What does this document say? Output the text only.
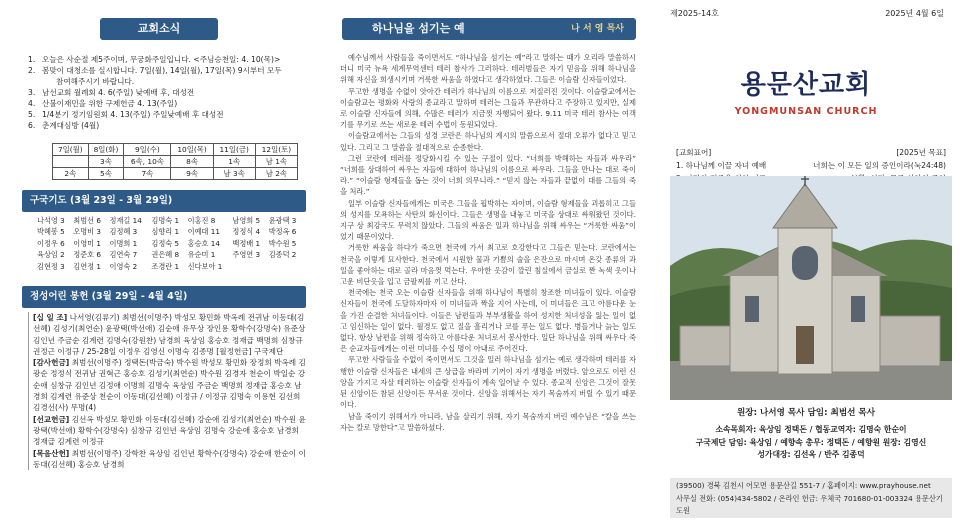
교회소식
1. 오늘은 사순절 제5주이며, 무궁화주일입니다. <주님승천일: 4. 10(목)>
2. 봄맞이 대청소를 실시합니다. 7일(월), 14일(월), 17일(목) 9시부터 모두
참여해주시기 바랍니다.
3. 남선교회 월례회 4. 6(주일) 낮예배 후, 대성전
4. 산불이재민을 위한 구제헌금 4. 13(주일)
5. 1/4분기 정기임원회 4. 13(주일) 주일낮예배 후 대성전
6. 춘계대심방 (4월)
7일(월)	8일(화)	9일(수)	10일(목)	11일(금)	12일(토)
	3속	6속, 10속	8속	1속	남 1속
2속	5속	7속	9속	남 3속	남 2속
구국기도 (3월 23일 - 3월 29일)
나석영 3	최범선 6	정재길 14	김명숙 1	이홍진 8	남영희 5	윤광택 3
박혜봉 5	오명비 3	김정혜 3	심향리 1	이예대 11	정정식 4	박정옥 6
이정우 6	이영미 1	이명희 1	김정숙 5	홍승호 14	백정배 1	박수원 5
육상임 2	정준호 6	김연숙 7	권은혜 8	유순미 1	주영연 3	김종덕 2
김현정 3	김연정 1	이영숙 2	조경란 1	신다보아 1		
정성어린 봉헌 (3월 29일 - 4월 4일)
[십 일 조] 나서영(김류기) 최범선(이명주) 박성모 황민화 박옥례 전귀남 이동대(김선혜) 김성기(최연순) 윤광택(박선애) 김순애 유무상 장인용 황학수(강명숙) 유준상 김인년 주금순 김계련 김명숙(강원찬) 남경희 육상임 홍승호 정재급 백명희 심창규 권정근 이정규 / 25-28일 이정우 김영신 이명숙 김종명 [월정헌금] 구국제단
[감사헌금] 최범선(이명주) 정택돈(박금숙) 박수원 박성모 황민화 장정희 박옥례 김광순 정정식 전귀남 권혁근 홍승호 김성기(최연순) 박수원 김경자 천순이 박일순 강순애 심창규 김인년 김정애 이명희 김명숙 육상임 주금순 백명희 정재급 홍승호 남경희 김계련 유준상 천순이 이동대(김선혜) 이정규 / 이정규 김명숙 이용현 김선희 김경선(사) 무명(4)
[선교헌금] 김선옥 박성모 황민화 이동대(김선혜) 강순애 김성기(최연순) 박수원 윤광택(박선애) 황학수(강명숙) 심창규 김인년 육상임 김명숙 강순애 홍승호 남경희 정재급 김계련 이정규
[목음산헌] 최범선(이명주) 강학찬 육상임 김인년 황학수(강명숙) 강순애 한순이 이동대(김선혜) 홍승호 남경희
하나님을 섬기는 예	나 서 영 목사

예수님께서 사람들을 죽이면서도 “하나님을 섬기는 예”라고 말하는 때가 오리라 말씀하시더니 미국 뉴욕 세계무역센터 테러 참사가 그러하다. 테러범들은 자기 믿음을 위해 하나님을 위해 자신을 희생시키며 거룩한 싸움을 하였다고 생각하였다. 그들은 이슬람 신자들이었다.

무고한 생명을 수없이 앗아간 테러가 하나님의 이름으로 저질러진 것이다. 이슬람교에서는 이슬람교는 평화와 사랑의 종교라고 말하며 테러는 그들과 무관하다고 주장하고 있지만, 실제로 이슬람 신자들에 의해, 수많은 테러가 지금껏 자행되어 왔다. 9.11 미국 테러 참사는 여객기를 무기로 쓰는 새로운 테러 수법이 동원되었다.

이슬람교에서는 그들의 성경 코란은 하나님의 계시의 말씀으로서 절대 오류가 없다고 믿고 있다. 그리고 그 말씀을 절대적으로 순종한다.

그런 코란에 테러를 정당화시킬 수 있는 구절이 있다. “너희를 박해하는 자들과 싸우라” “너희를 상대하여 싸우는 자들에 대하여 하나님의 이름으로 싸우라. 그들을 만나는 대로 죽이라.” “이슬람 형제들을 돕는 것이 너희 의무니라.” “믿지 않는 자들과 끝없이 대를 그들의 죽을 처라.”

일부 이슬람 신자들에게는 미국은 그들을 핍박하는 자이며, 이슬람 형제들을 괴롭히고 그들의 성지를 모욕하는 사탄의 화신이다. 그들은 생명을 내놓고 미국을 상대로 싸워왔던 것이다. 지구 상 최강국도 무력치 않았다. 그들의 싸움은 일과 하나님을 위해 싸우는 “거룩한 싸움”이었기 때문이었다.

거룩한 싸움을 하다가 죽으면 천국에 가서 최고로 호강한다고 그들은 믿는다. 코란에서는 천국을 이렇게 묘사한다. 천국에서 시원한 물과 기쁨의 술을 은잔으로 마시며 온갖 종류의 과일을 좋아하는 대로 골라 마음껏 먹는다. 우아한 옷감이 깔린 침실에서 금실로 짠 녹색 옷이나 고운 비단옷을 입고 금팔찌를 끼고 산다.

천국에는 천국 오는 이슬람 신자들을 위해 하나님이 특별히 창조한 미녀들이 있다. 이슬람 신자들이 천국에 도달하자마자 이 미녀들과 짝을 지어 사는데, 이 미녀들은 크고 아름다운 눈을 가진 순결한 처녀들이다. 이들은 남편들과 부부생활을 하여 성지한 처녀성을 잃는 일이 없고 임신하는 일이 없다. 월경도 없고 질을 흘리거나 코를 푸는 일도 없다. 병들거나 늙는 일도 없다. 항상 남편을 위해 정숙하고 아름다운 처녀로서 봉사한다. 일단 하나님을 위해 싸우다 죽은 순교자들에게는 이런 미녀를 수십 명이 아내로 주어진다.

무고한 사람들을 수없이 죽이면서도 그것을 일러 하나님을 섬기는 예로 생각하며 테러를 자행한 이슬람 신자들은 내세의 큰 상급을 바라며 기꺼이 자기 생명을 버렸다. 앞으로도 이런 신앙을 가지고 자살 테러하는 이슬람 신자들이 계속 일어날 수 있다. 종교적 신앙은 그것이 잘못된 신앙이든 참된 신앙이든 무서운 것이다. 신앙을 위해서는 자기 목숨까지 버릴 수 있기 때문이다.

남을 죽이기 위해서가 아니라, 남을 살리기 위해, 자기 목숨까지 버린 예수님은 “칼을 쓰는 자는 칼로 망한다”고 말씀하셨다.

제2025-14호	2025년 4월 6일
용문산교회
YONGMUNSAN CHURCH
[교회표어]
1. 하나님께 이끌 자녀 예배
[2025년 목표]
너희는 이 모든 일의 증인이라(눅24:48)
원장: 나서영 목사 담임: 최범선 목사
소속목회자: 육상임 정택돈 / 협동교역자: 김명숙 한순이
구국제단 담임: 육상임 / 예향속 총무: 정택돈 / 예향원 원장: 김영신
성가대장: 김선옥 / 반주 김종덕
(39500) 경북 김천시 어모면 용문산길 551-7 / 홈페이지: www.prayhouse.net
사무실 전화: (054)434-5802 / 온라인 헌금: 우체국 701680-01-003324 용문산기도원
